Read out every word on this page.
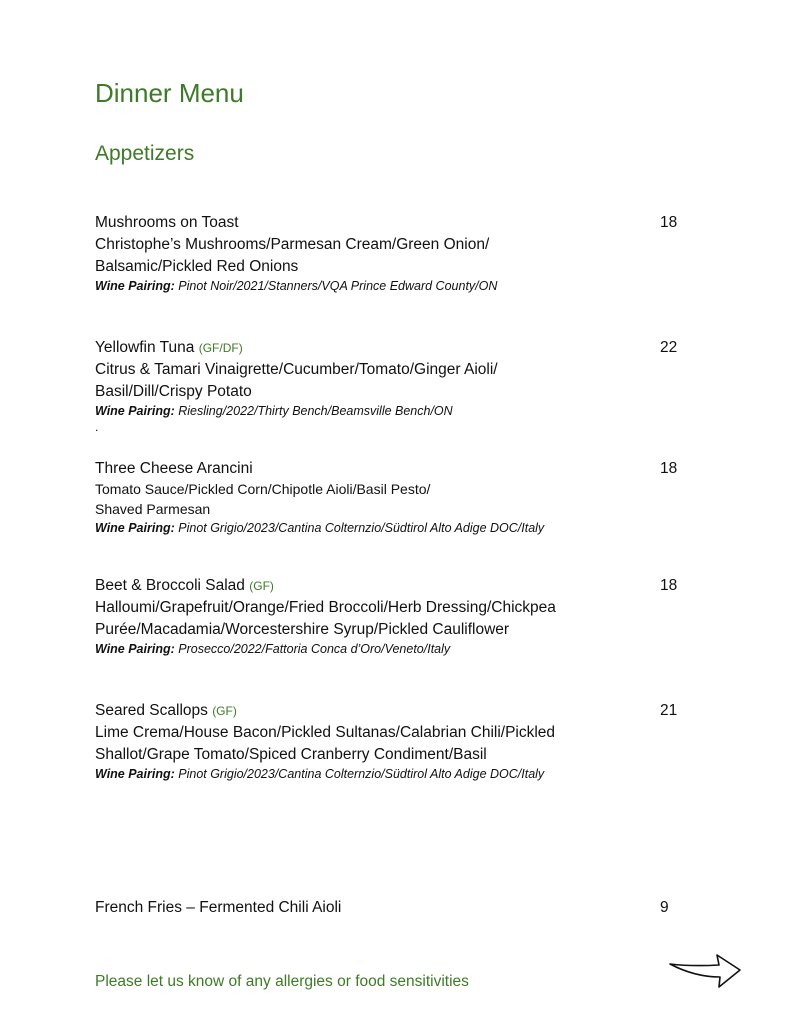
Dinner Menu
Appetizers
Mushrooms on Toast	18
Christophe’s Mushrooms/Parmesan Cream/Green Onion/
Balsamic/Pickled Red Onions
Wine Pairing: Pinot Noir/2021/Stanners/VQA Prince Edward County/ON
Yellowfin Tuna (GF/DF)	22
Citrus & Tamari Vinaigrette/Cucumber/Tomato/Ginger Aioli/
Basil/Dill/Crispy Potato
Wine Pairing: Riesling/2022/Thirty Bench/Beamsville Bench/ON
.
Three Cheese Arancini	18
Tomato Sauce/Pickled Corn/Chipotle Aioli/Basil Pesto/
Shaved Parmesan
Wine Pairing: Pinot Grigio/2023/Cantina Colternzio/Südtirol Alto Adige DOC/Italy
Beet & Broccoli Salad (GF)	18
Halloumi/Grapefruit/Orange/Fried Broccoli/Herb Dressing/Chickpea
Purée/Macadamia/Worcestershire Syrup/Pickled Cauliflower
Wine Pairing: Prosecco/2022/Fattoria Conca d’Oro/Veneto/Italy
Seared Scallops (GF)	21
Lime Crema/House Bacon/Pickled Sultanas/Calabrian Chili/Pickled
Shallot/Grape Tomato/Spiced Cranberry Condiment/Basil
Wine Pairing: Pinot Grigio/2023/Cantina Colternzio/Südtirol Alto Adige DOC/Italy
French Fries – Fermented Chili Aioli	9
Please let us know of any allergies or food sensitivities
